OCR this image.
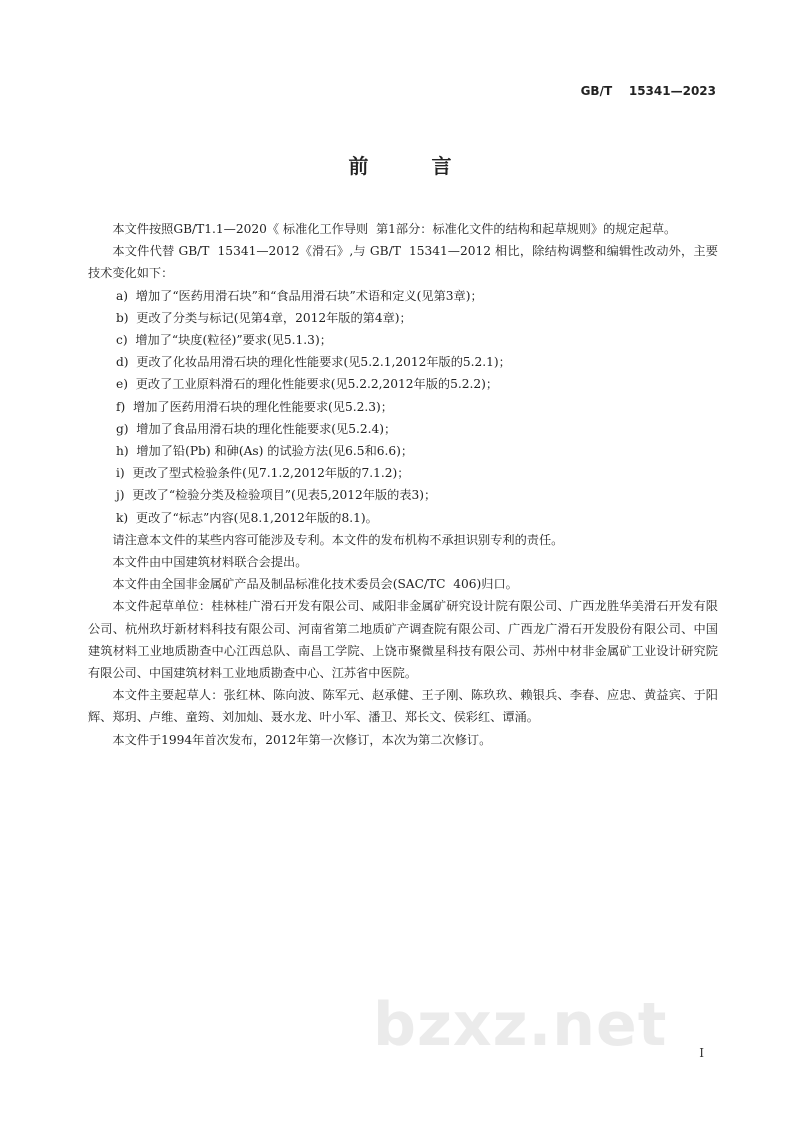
GB/T    15341—2023
前 言

本文件按照GB/T1.1—2020《 标准化工作导则  第1部分：标准化文件的结构和起草规则》的规定起草。

本文件代替 GB/T  15341—2012《滑石》,与 GB/T  15341—2012 相比，除结构调整和编辑性改动外，主要技术变化如下：

a)  增加了“医药用滑石块”和“食品用滑石块”术语和定义(见第3章)；
b)  更改了分类与标记(见第4章，2012年版的第4章)；
c)  增加了“块度(粒径)”要求(见5.1.3)；
d)  更改了化妆品用滑石块的理化性能要求(见5.2.1,2012年版的5.2.1)；
e)  更改了工业原料滑石的理化性能要求(见5.2.2,2012年版的5.2.2)；
f)  增加了医药用滑石块的理化性能要求(见5.2.3)；
g)  增加了食品用滑石块的理化性能要求(见5.2.4)；
h)  增加了铅(Pb) 和砷(As) 的试验方法(见6.5和6.6)；
i)  更改了型式检验条件(见7.1.2,2012年版的7.1.2)；
j)  更改了“检验分类及检验项目”(见表5,2012年版的表3)；
k)  更改了“标志”内容(见8.1,2012年版的8.1)。

请注意本文件的某些内容可能涉及专利。本文件的发布机构不承担识别专利的责任。

本文件由中国建筑材料联合会提出。

本文件由全国非金属矿产品及制品标准化技术委员会(SAC/TC  406)归口。

本文件起草单位：桂林桂广滑石开发有限公司、咸阳非金属矿研究设计院有限公司、广西龙胜华美滑石开发有限公司、杭州玖圩新材料科技有限公司、河南省第二地质矿产调查院有限公司、广西龙广滑石开发股份有限公司、中国建筑材料工业地质勘查中心江西总队、南昌工学院、上饶市聚微星科技有限公司、苏州中材非金属矿工业设计研究院有限公司、中国建筑材料工业地质勘查中心、江苏省中医院。

本文件主要起草人：张红林、陈向波、陈军元、赵承健、王子刚、陈玖玖、赖银兵、李春、应忠、黄益宾、于阳辉、郑玥、卢维、童筠、刘加灿、聂水龙、叶小军、潘卫、郑长文、侯彩红、谭涌。

本文件于1994年首次发布，2012年第一次修订，本次为第二次修订。

bzxz.net	I
